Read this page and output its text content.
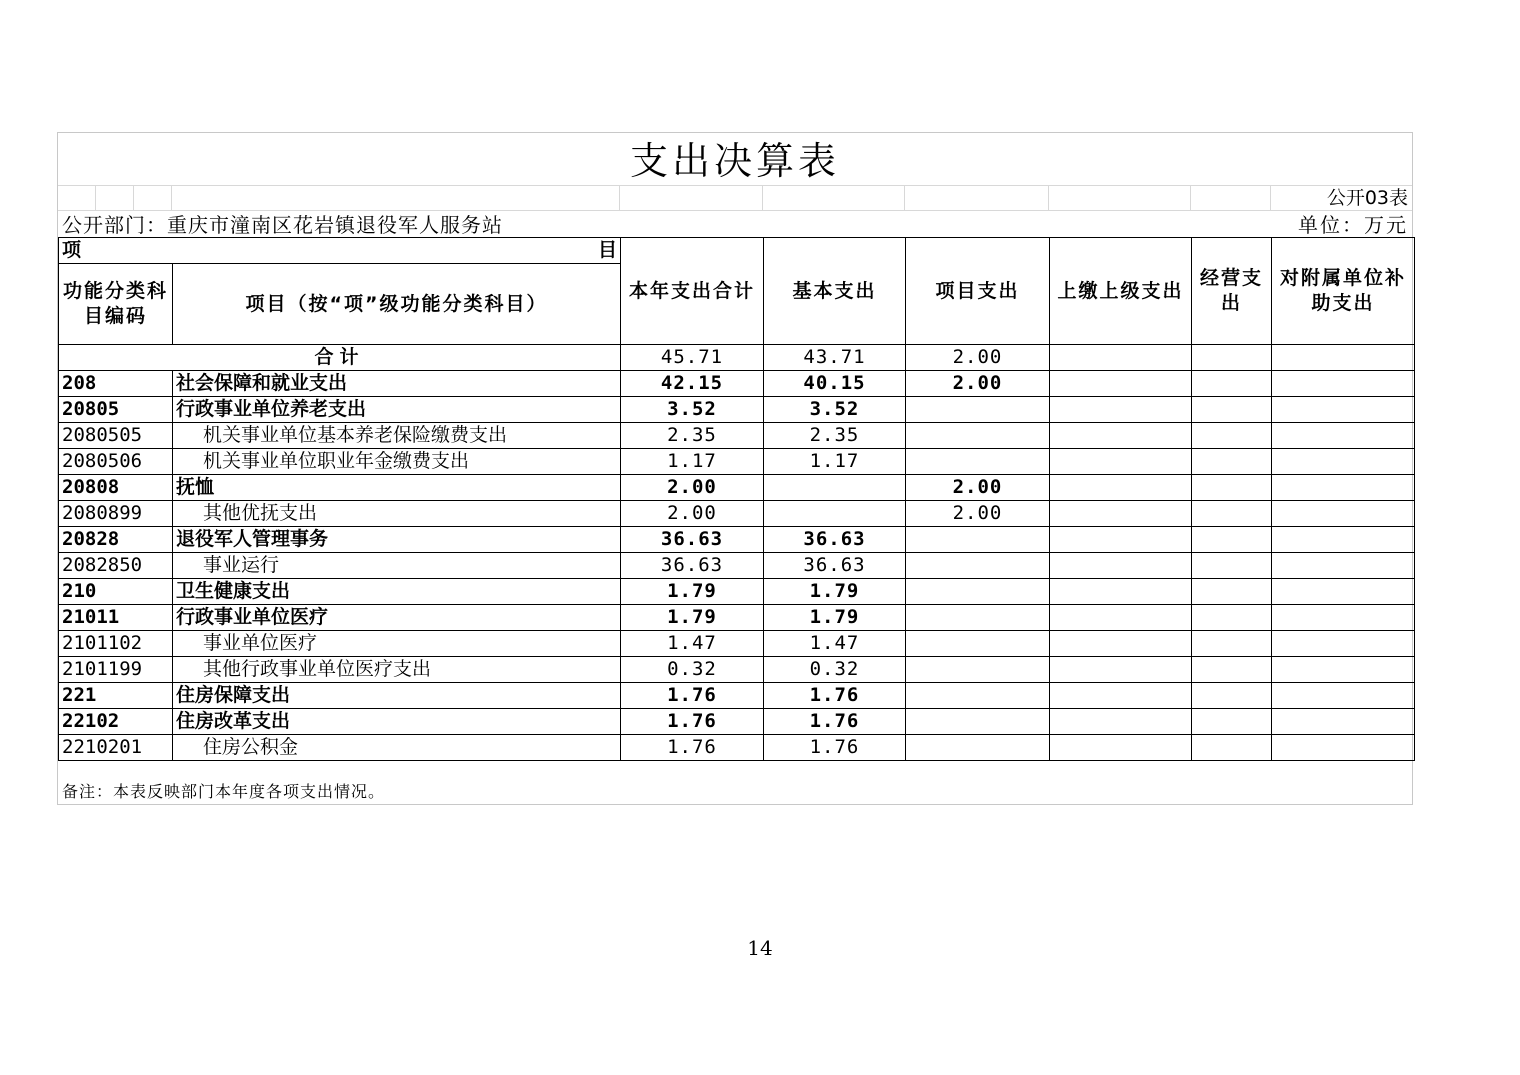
支出决算表
公开03表
公开部门：重庆市潼南区花岩镇退役军人服务站	单位：万元
项 目		本年支出合计	基本支出	项目支出	上缴上级支出	经营支出	对附属单位补助支出
功能分类科目编码	项目（按“项”级功能分类科目）						
合计		45.71	43.71	2.00			
208	社会保障和就业支出	42.15	40.15	2.00			
20805	行政事业单位养老支出	3.52	3.52				
2080505	机关事业单位基本养老保险缴费支出	2.35	2.35				
2080506	机关事业单位职业年金缴费支出	1.17	1.17				
20808	抚恤	2.00		2.00			
2080899	其他优抚支出	2.00		2.00			
20828	退役军人管理事务	36.63	36.63				
2082850	事业运行	36.63	36.63				
210	卫生健康支出	1.79	1.79				
21011	行政事业单位医疗	1.79	1.79				
2101102	事业单位医疗	1.47	1.47				
2101199	其他行政事业单位医疗支出	0.32	0.32				
221	住房保障支出	1.76	1.76				
22102	住房改革支出	1.76	1.76				
2210201	住房公积金	1.76	1.76				
备注：本表反映部门本年度各项支出情况。
14
